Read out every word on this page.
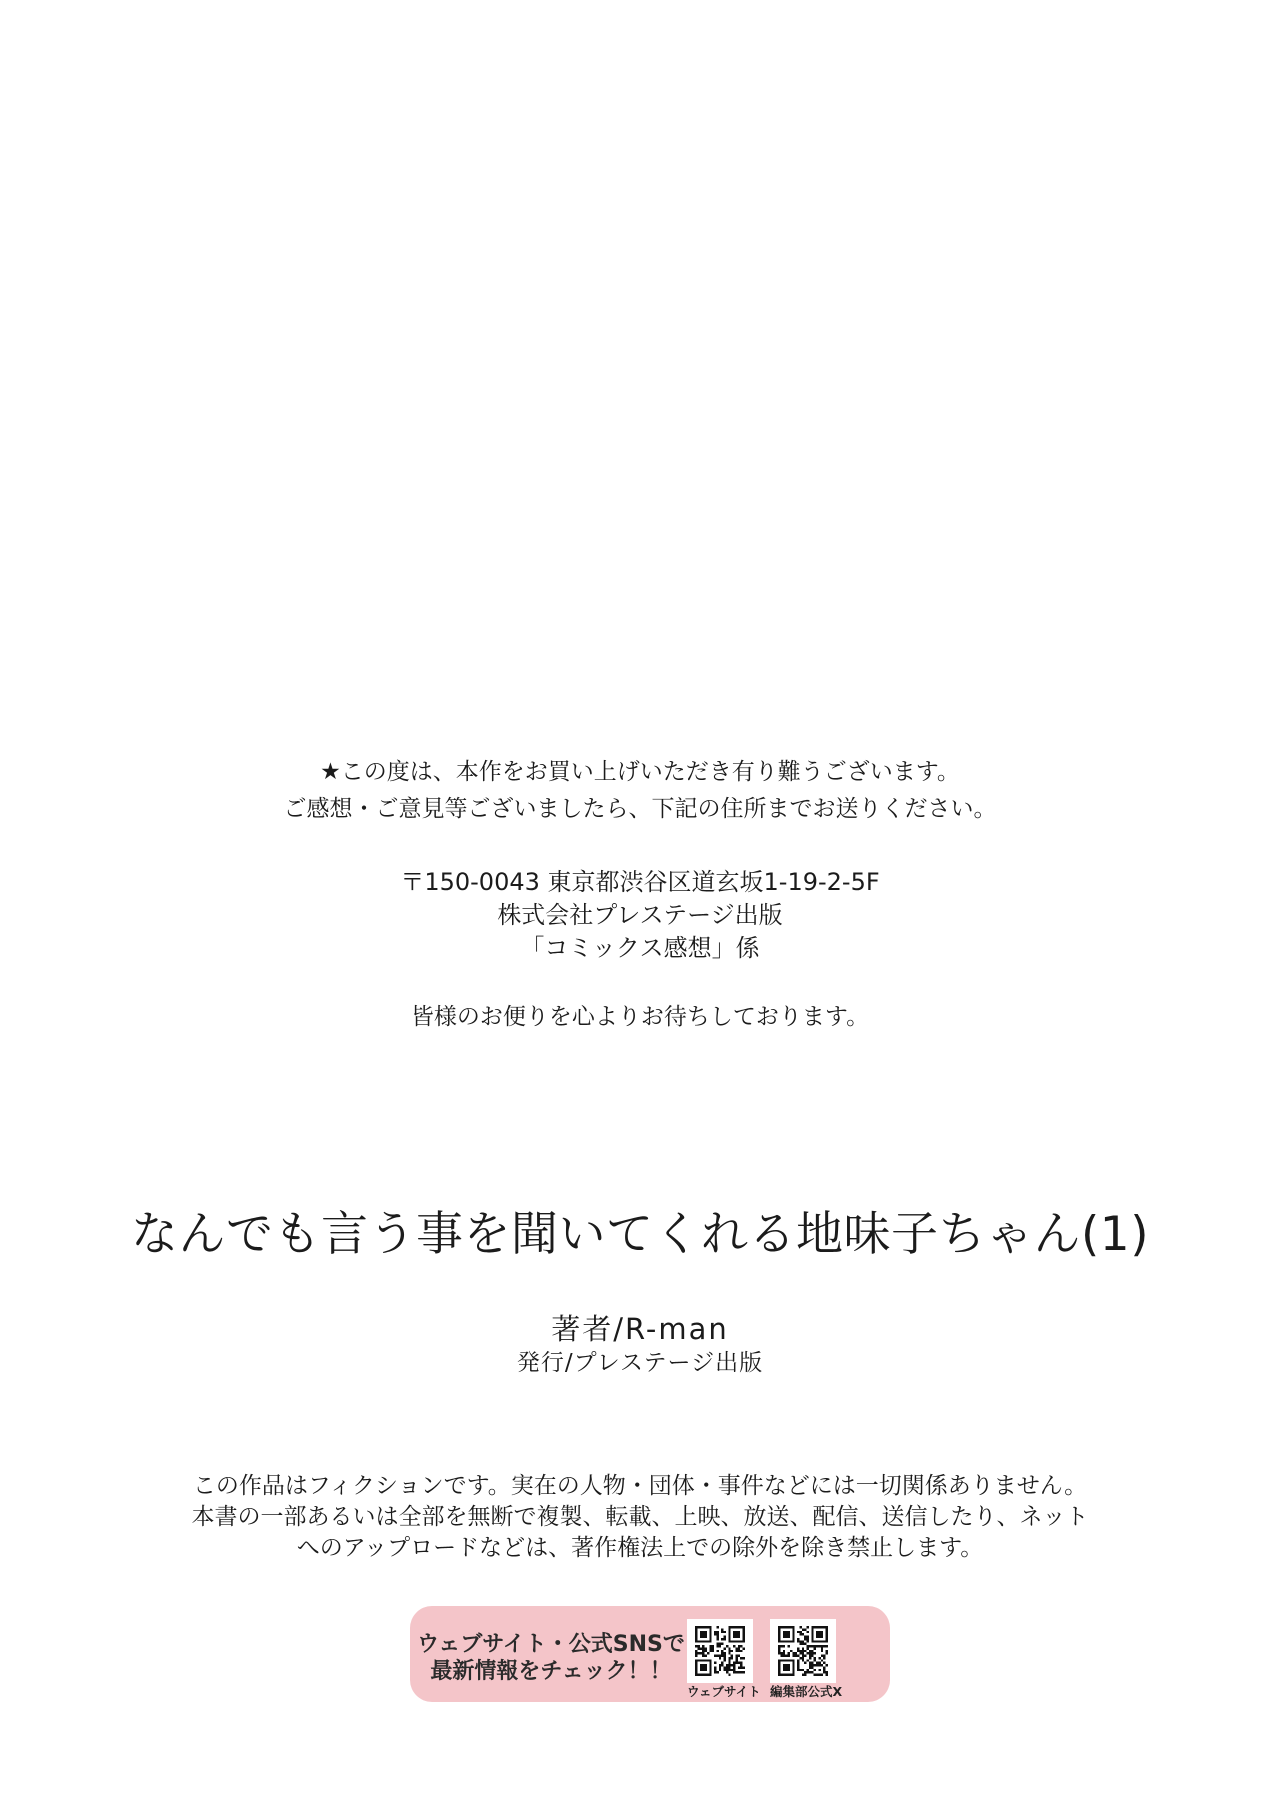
★この度は、本作をお買い上げいただき有り難うございます。
ご感想・ご意見等ございましたら、下記の住所までお送りください。
〒150-0043 東京都渋谷区道玄坂1-19-2-5F
株式会社プレステージ出版
「コミックス感想」係
皆様のお便りを心よりお待ちしております。
なんでも言う事を聞いてくれる地味子ちゃん(1)
著者/R-man
発行/プレステージ出版
この作品はフィクションです。実在の人物・団体・事件などには一切関係ありません。
本書の一部あるいは全部を無断で複製、転載、上映、放送、配信、送信したり、ネット
へのアップロードなどは、著作権法上での除外を除き禁止します。
ウェブサイト・公式SNSで
最新情報をチェック！！
ウェブサイト 編集部公式X
